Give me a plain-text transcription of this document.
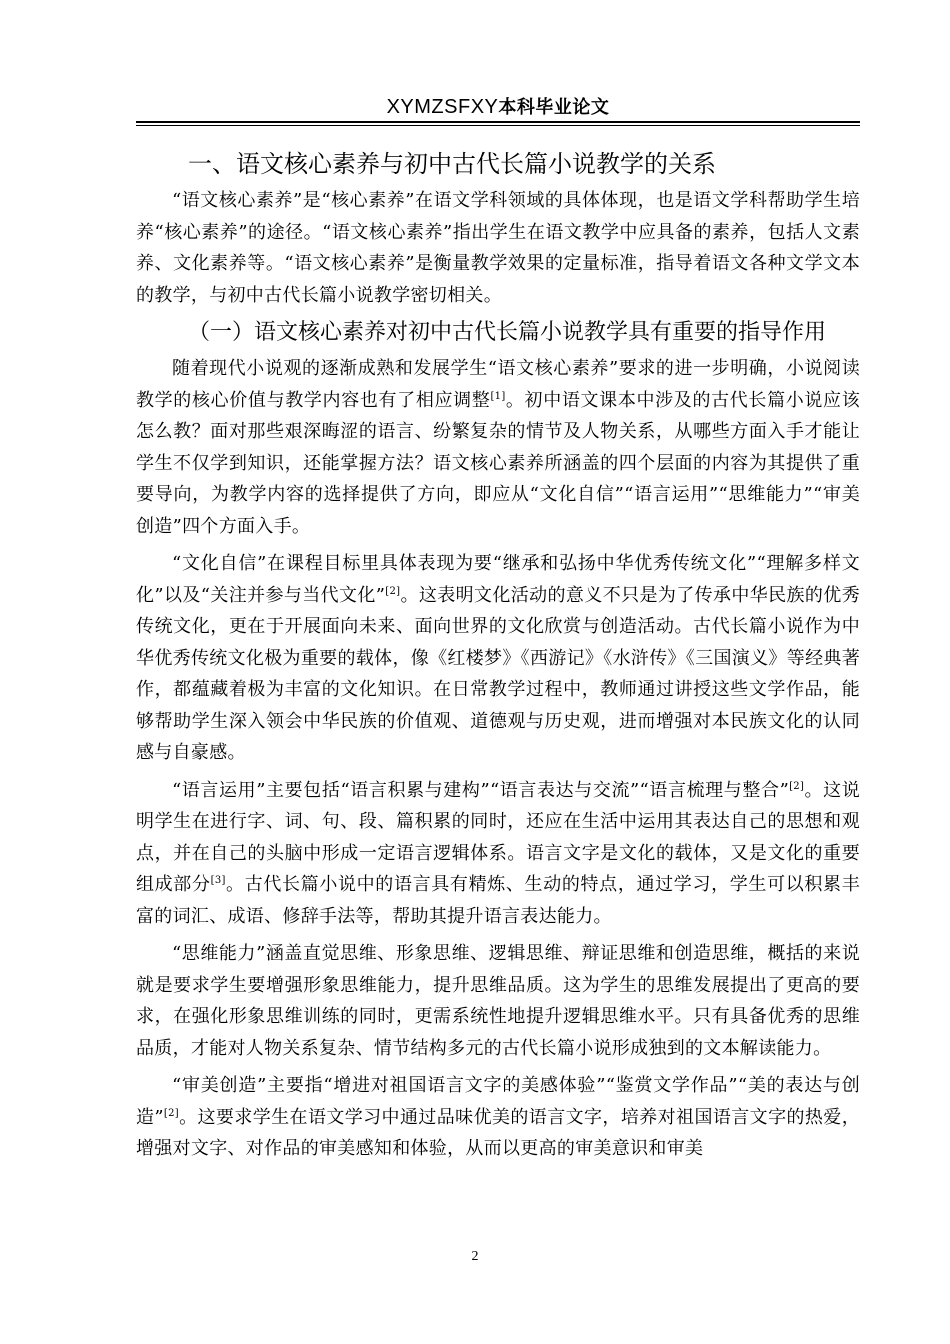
XYMZSFXY本科毕业论文
一、语文核心素养与初中古代长篇小说教学的关系

“语文核心素养”是“核心素养”在语文学科领域的具体体现，也是语文学科帮助学生培养“核心素养”的途径。“语文核心素养”指出学生在语文教学中应具备的素养，包括人文素养、文化素养等。“语文核心素养”是衡量教学效果的定量标准，指导着语文各种文学文本的教学，与初中古代长篇小说教学密切相关。

（一）语文核心素养对初中古代长篇小说教学具有重要的指导作用

随着现代小说观的逐渐成熟和发展学生“语文核心素养”要求的进一步明确，小说阅读教学的核心价值与教学内容也有了相应调整[1]。初中语文课本中涉及的古代长篇小说应该怎么教？面对那些艰深晦涩的语言、纷繁复杂的情节及人物关系，从哪些方面入手才能让学生不仅学到知识，还能掌握方法？语文核心素养所涵盖的四个层面的内容为其提供了重要导向，为教学内容的选择提供了方向，即应从“文化自信”“语言运用”“思维能力”“审美创造”四个方面入手。

“文化自信”在课程目标里具体表现为要“继承和弘扬中华优秀传统文化”“理解多样文化”以及“关注并参与当代文化”[2]。这表明文化活动的意义不只是为了传承中华民族的优秀传统文化，更在于开展面向未来、面向世界的文化欣赏与创造活动。古代长篇小说作为中华优秀传统文化极为重要的载体，像《红楼梦》《西游记》《水浒传》《三国演义》等经典著作，都蕴藏着极为丰富的文化知识。在日常教学过程中，教师通过讲授这些文学作品，能够帮助学生深入领会中华民族的价值观、道德观与历史观，进而增强对本民族文化的认同感与自豪感。

“语言运用”主要包括“语言积累与建构”“语言表达与交流”“语言梳理与整合”[2]。这说明学生在进行字、词、句、段、篇积累的同时，还应在生活中运用其表达自己的思想和观点，并在自己的头脑中形成一定语言逻辑体系。语言文字是文化的载体，又是文化的重要组成部分[3]。古代长篇小说中的语言具有精炼、生动的特点，通过学习，学生可以积累丰富的词汇、成语、修辞手法等，帮助其提升语言表达能力。

“思维能力”涵盖直觉思维、形象思维、逻辑思维、辩证思维和创造思维，概括的来说就是要求学生要增强形象思维能力，提升思维品质。这为学生的思维发展提出了更高的要求，在强化形象思维训练的同时，更需系统性地提升逻辑思维水平。只有具备优秀的思维品质，才能对人物关系复杂、情节结构多元的古代长篇小说形成独到的文本解读能力。

“审美创造”主要指“增进对祖国语言文字的美感体验”“鉴赏文学作品”“美的表达与创造”[2]。这要求学生在语文学习中通过品味优美的语言文字，培养对祖国语言文字的热爱，增强对文字、对作品的审美感知和体验，从而以更高的审美意识和审美

2
